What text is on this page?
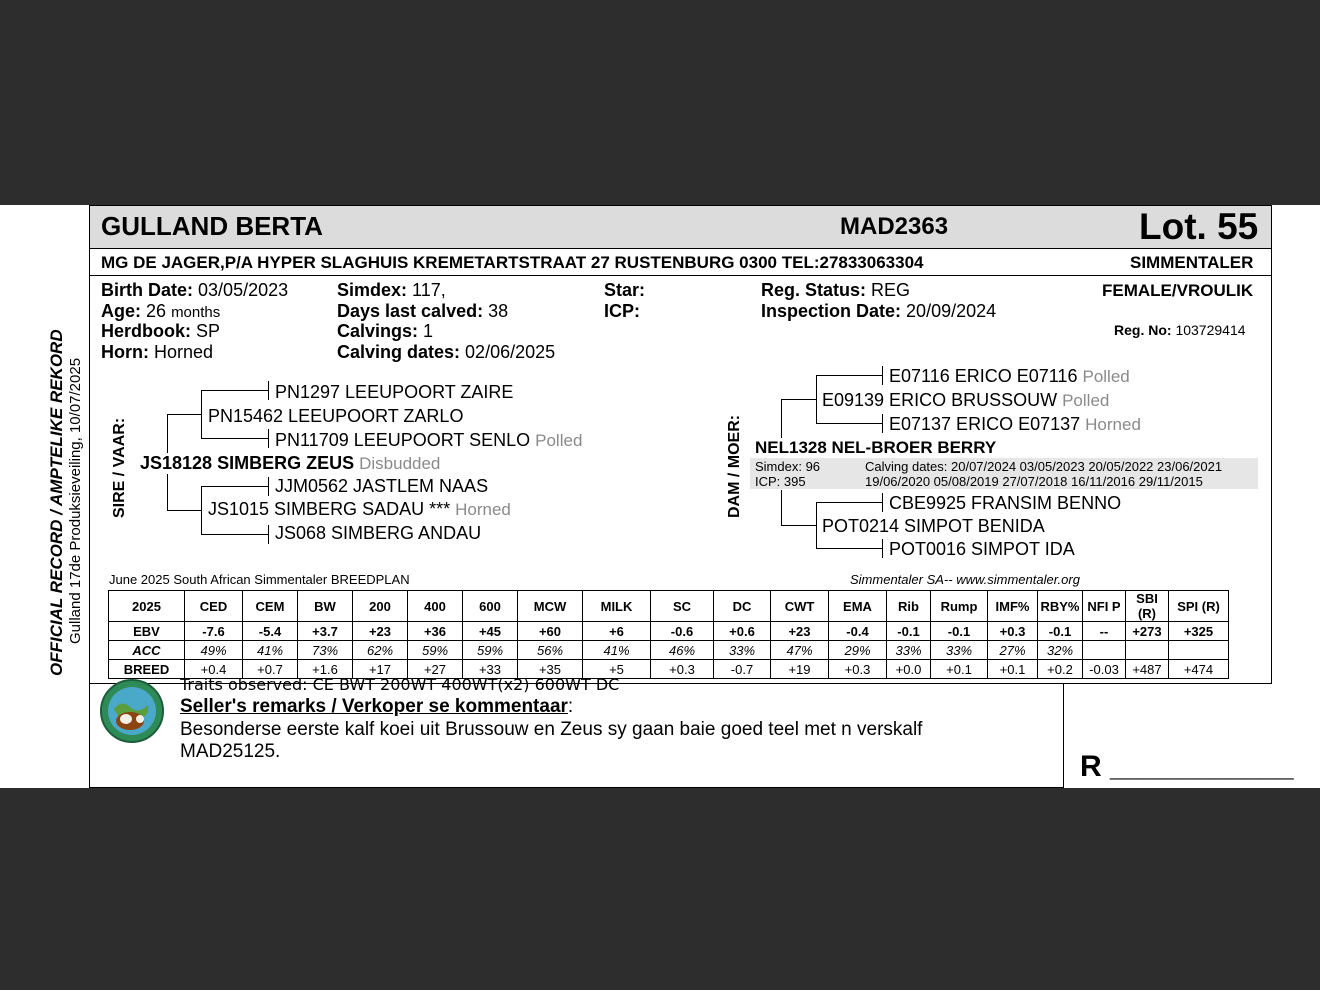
GULLAND BERTA	MAD2363	Lot. 55
MG DE JAGER,P/A HYPER SLAGHUIS KREMETARTSTRAAT 27 RUSTENBURG 0300 TEL:27833063304	SIMMENTALER
Birth Date: 03/05/2023
Age: 26 months
Herdbook: SP
Horn: Horned
Simdex: 117,
Days last calved: 38
Calvings: 1
Calving dates: 02/06/2025
Star:
ICP:
Reg. Status: REG
Inspection Date: 20/09/2024
FEMALE/VROULIK
Reg. No: 103729414
OFFICIAL RECORD / AMPTELIKE REKORD Gulland 17de Produksieveiling, 10/07/2025 SIRE / VAAR:
PN1297 LEEUPOORT ZAIRE
PN15462 LEEUPOORT ZARLO
PN11709 LEEUPOORT SENLO Polled
JS18128 SIMBERG ZEUS Disbudded
JJM0562 JASTLEM NAAS
JS1015 SIMBERG SADAU *** Horned
JS068 SIMBERG ANDAU
DAM / MOER:
E07116 ERICO E07116 Polled
E09139 ERICO BRUSSOUW Polled
E07137 ERICO E07137 Horned
NEL1328 NEL-BROER BERRY
Simdex: 96
ICP: 395
Calving dates: 20/07/2024 03/05/2023 20/05/2022 23/06/2021
19/06/2020 05/08/2019 27/07/2018 16/11/2016 29/11/2015
CBE9925 FRANSIM BENNO
POT0214 SIMPOT BENIDA
POT0016 SIMPOT IDA
June 2025 South African Simmentaler BREEDPLAN	Simmentaler SA-- www.simmentaler.org
2025	CED	CEM	BW	200	400	600	MCW	MILK	SC	DC	CWT	EMA	Rib	Rump	IMF%	RBY%	NFI P	SBI (R)	SPI (R)
EBV	-7.6	-5.4	+3.7	+23	+36	+45	+60	+6	-0.6	+0.6	+23	-0.4	-0.1	-0.1	+0.3	-0.1	--	+273	+325
ACC	49%	41%	73%	62%	59%	59%	56%	41%	46%	33%	47%	29%	33%	33%	27%	32%			
BREED	+0.4	+0.7	+1.6	+17	+27	+33	+35	+5	+0.3	-0.7	+19	+0.3	+0.0	+0.1	+0.1	+0.2	-0.03	+487	+474
Traits observed: CE BWT 200WT 400WT(x2) 600WT DC
Seller's remarks / Verkoper se kommentaar:
Besonderse eerste kalf koei uit Brussouw en Zeus sy gaan baie goed teel met n verskalf
MAD25125.	R ___________
